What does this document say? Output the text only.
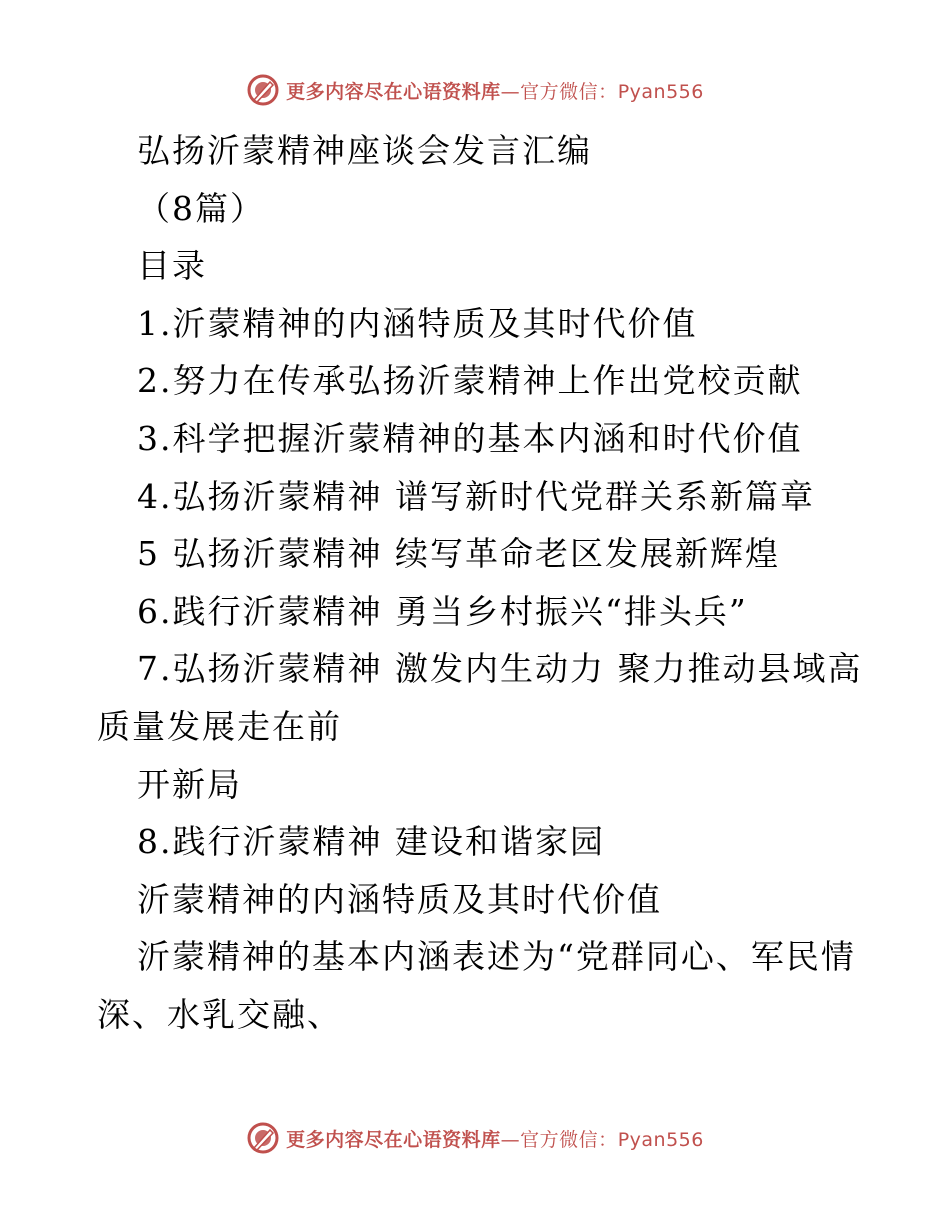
更多内容尽在心语资料库—官方微信：Pyan556
弘扬沂蒙精神座谈会发言汇编
（8篇）
目录
1.沂蒙精神的内涵特质及其时代价值
2.努力在传承弘扬沂蒙精神上作出党校贡献
3.科学把握沂蒙精神的基本内涵和时代价值
4.弘扬沂蒙精神 谱写新时代党群关系新篇章
5 弘扬沂蒙精神 续写革命老区发展新辉煌
6.践行沂蒙精神 勇当乡村振兴“排头兵”
7.弘扬沂蒙精神 激发内生动力 聚力推动县域高
质量发展走在前
开新局
8.践行沂蒙精神 建设和谐家园
沂蒙精神的内涵特质及其时代价值
沂蒙精神的基本内涵表述为“党群同心、军民情
深、水乳交融、
更多内容尽在心语资料库—官方微信：Pyan556
